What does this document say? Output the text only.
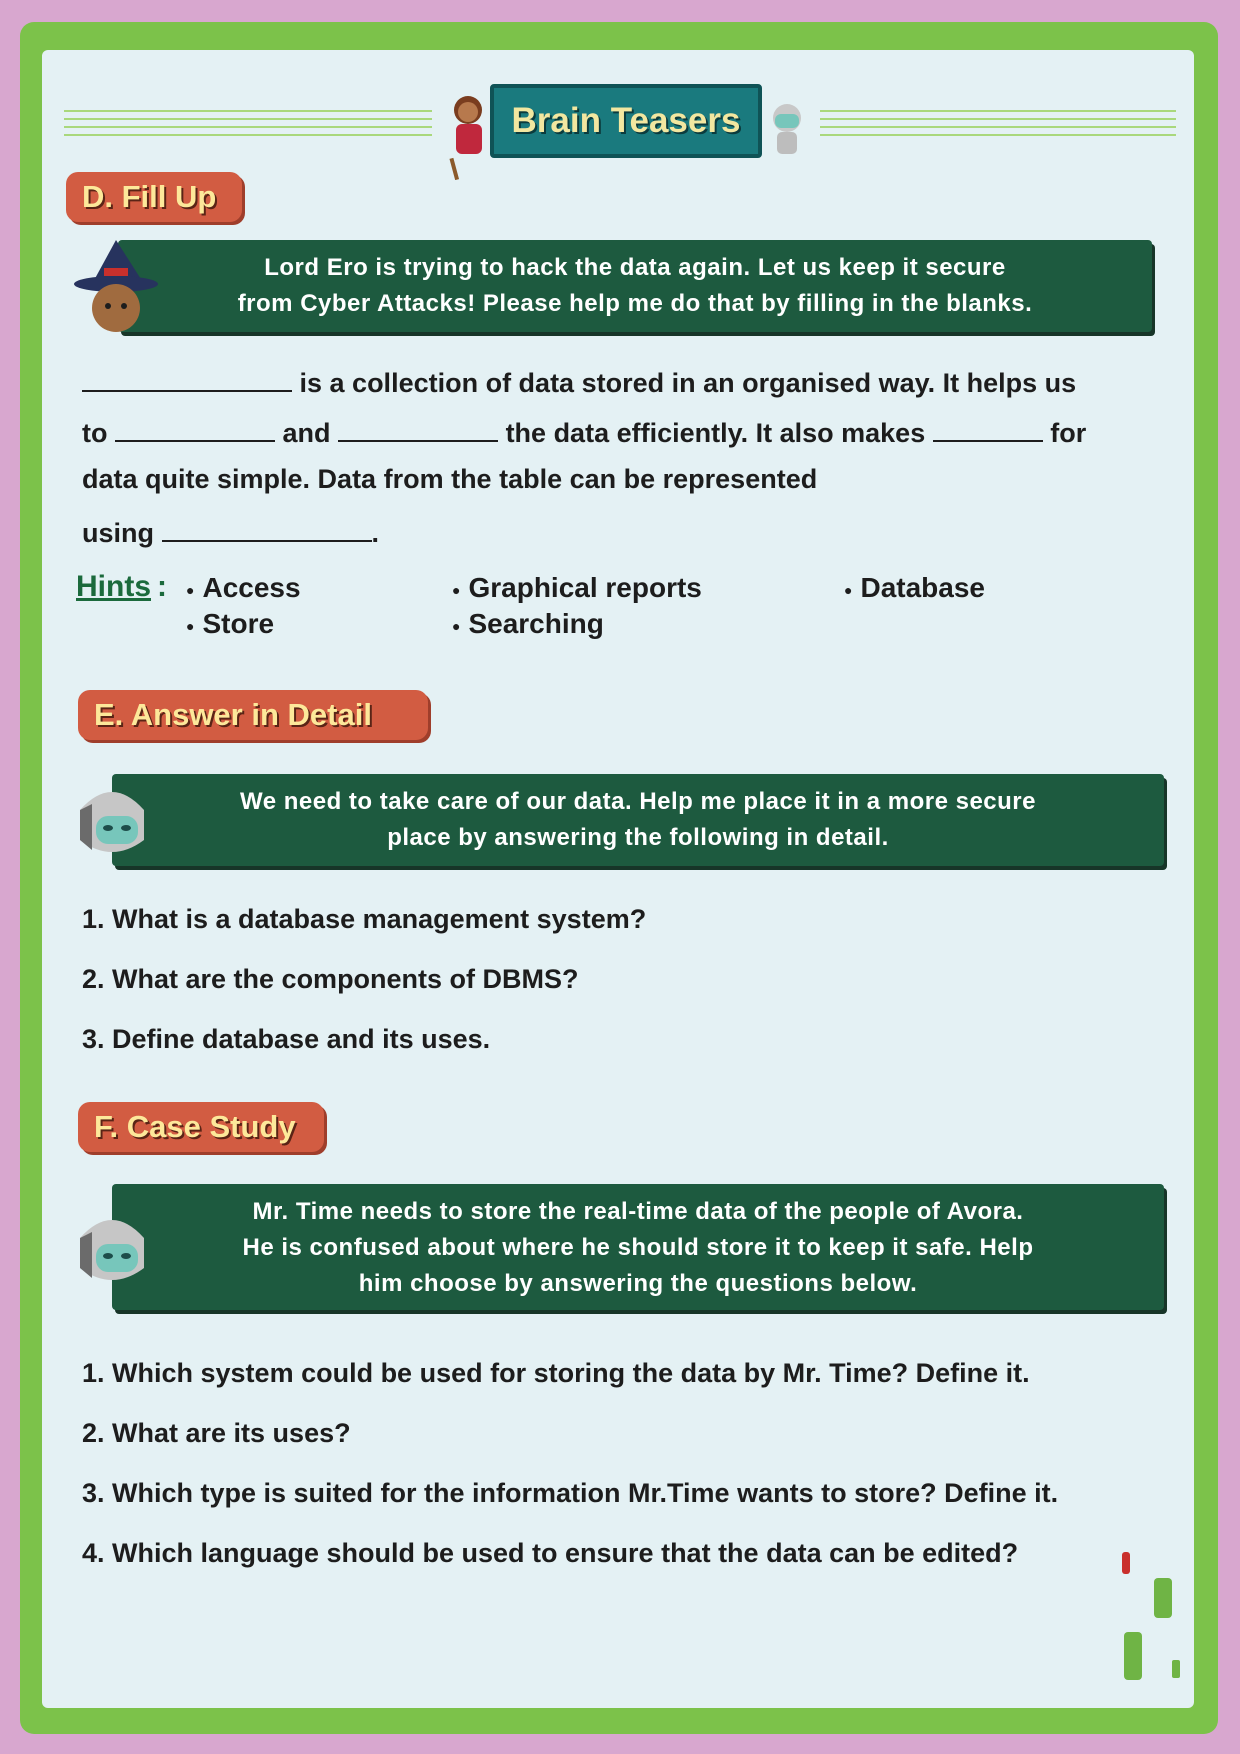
Brain Teasers
D. Fill Up
Lord Ero is trying to hack the data again. Let us keep it secure
from Cyber Attacks! Please help me do that by filling in the blanks.
is a collection of data stored in an organised way. It helps us
to	and	the data efficiently. It also makes	for
data quite simple. Data from the table can be represented
using	.
Hints :	● Access	● Graphical reports	● Database
● Store	● Searching
E. Answer in Detail
We need to take care of our data. Help me place it in a more secure
place by answering the following in detail.
1. What is a database management system?
2. What are the components of DBMS?
3. Define database and its uses.
F. Case Study
Mr. Time needs to store the real-time data of the people of Avora.
He is confused about where he should store it to keep it safe. Help
him choose by answering the questions below.
1. Which system could be used for storing the data by Mr. Time? Define it.
2. What are its uses?
3. Which type is suited for the information Mr.Time wants to store? Define it.
4. Which language should be used to ensure that the data can be edited?
